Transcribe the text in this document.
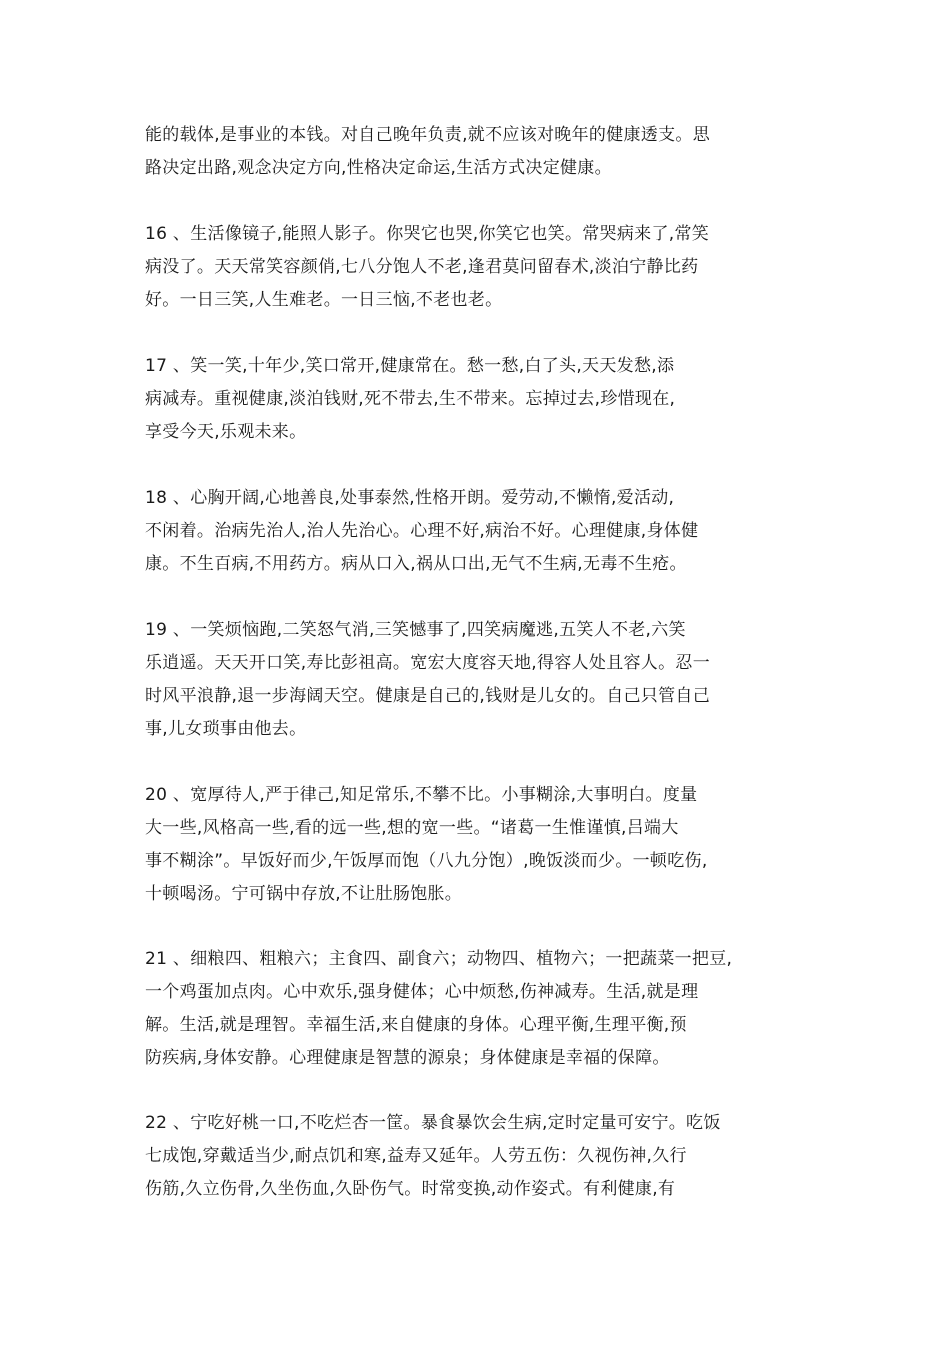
能的载体,是事业的本钱。对自己晚年负责,就不应该对晚年的健康透支。思
路决定出路,观念决定方向,性格决定命运,生活方式决定健康。
16 、生活像镜子,能照人影子。你哭它也哭,你笑它也笑。常哭病来了,常笑
病没了。天天常笑容颜俏,七八分饱人不老,逢君莫问留春术,淡泊宁静比药
好。一日三笑,人生难老。一日三恼,不老也老。
17 、笑一笑,十年少,笑口常开,健康常在。愁一愁,白了头,天天发愁,添
病减寿。重视健康,淡泊钱财,死不带去,生不带来。忘掉过去,珍惜现在,
享受今天,乐观未来。
18 、心胸开阔,心地善良,处事泰然,性格开朗。爱劳动,不懒惰,爱活动,
不闲着。治病先治人,治人先治心。心理不好,病治不好。心理健康,身体健
康。不生百病,不用药方。病从口入,祸从口出,无气不生病,无毒不生疮。
19 、一笑烦恼跑,二笑怒气消,三笑憾事了,四笑病魔逃,五笑人不老,六笑
乐逍遥。天天开口笑,寿比彭祖高。宽宏大度容天地,得容人处且容人。忍一
时风平浪静,退一步海阔天空。健康是自己的,钱财是儿女的。自己只管自己
事,儿女琐事由他去。
20 、宽厚待人,严于律己,知足常乐,不攀不比。小事糊涂,大事明白。度量
大一些,风格高一些,看的远一些,想的宽一些。“诸葛一生惟谨慎,吕端大
事不糊涂”。早饭好而少,午饭厚而饱（八九分饱）,晚饭淡而少。一顿吃伤,
十顿喝汤。宁可锅中存放,不让肚肠饱胀。
21 、细粮四、粗粮六；主食四、副食六；动物四、植物六；一把蔬菜一把豆,
一个鸡蛋加点肉。心中欢乐,强身健体；心中烦愁,伤神减寿。生活,就是理
解。生活,就是理智。幸福生活,来自健康的身体。心理平衡,生理平衡,预
防疾病,身体安静。心理健康是智慧的源泉；身体健康是幸福的保障。
22 、宁吃好桃一口,不吃烂杏一筐。暴食暴饮会生病,定时定量可安宁。吃饭
七成饱,穿戴适当少,耐点饥和寒,益寿又延年。人劳五伤：久视伤神,久行
伤筋,久立伤骨,久坐伤血,久卧伤气。时常变换,动作姿式。有利健康,有
